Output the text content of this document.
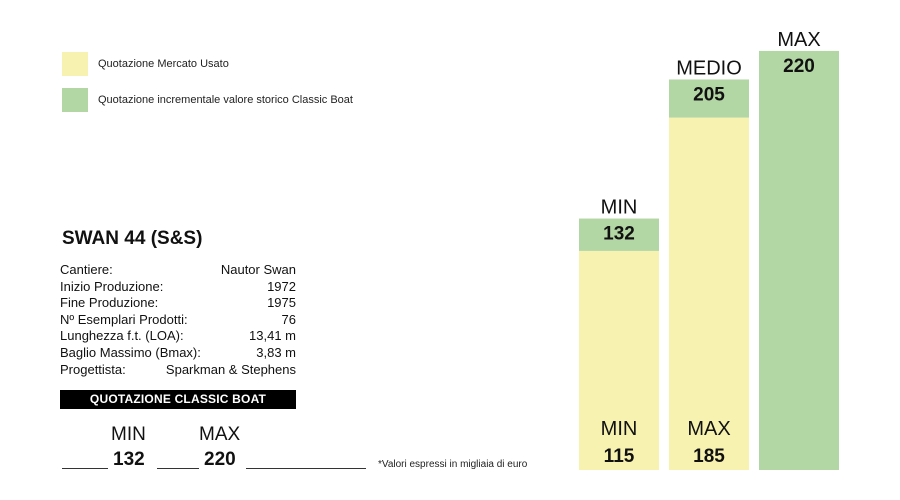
Quotazione Mercato Usato
Quotazione incrementale valore storico Classic Boat
SWAN 44 (S&S)
Cantiere:	Nautor Swan
Inizio Produzione:	1972
Fine Produzione:	1975
Nº Esemplari Prodotti:	76
Lunghezza f.t. (LOA):	13,41 m
Baglio Massimo (Bmax):	3,83 m
Progettista:	Sparkman & Stephens
QUOTAZIONE CLASSIC BOAT
MIN	MAX
132	220	*Valori espressi in migliaia di euro
MIN
132
MIN
115
MEDIO
205
MAX
185
MAX
220
